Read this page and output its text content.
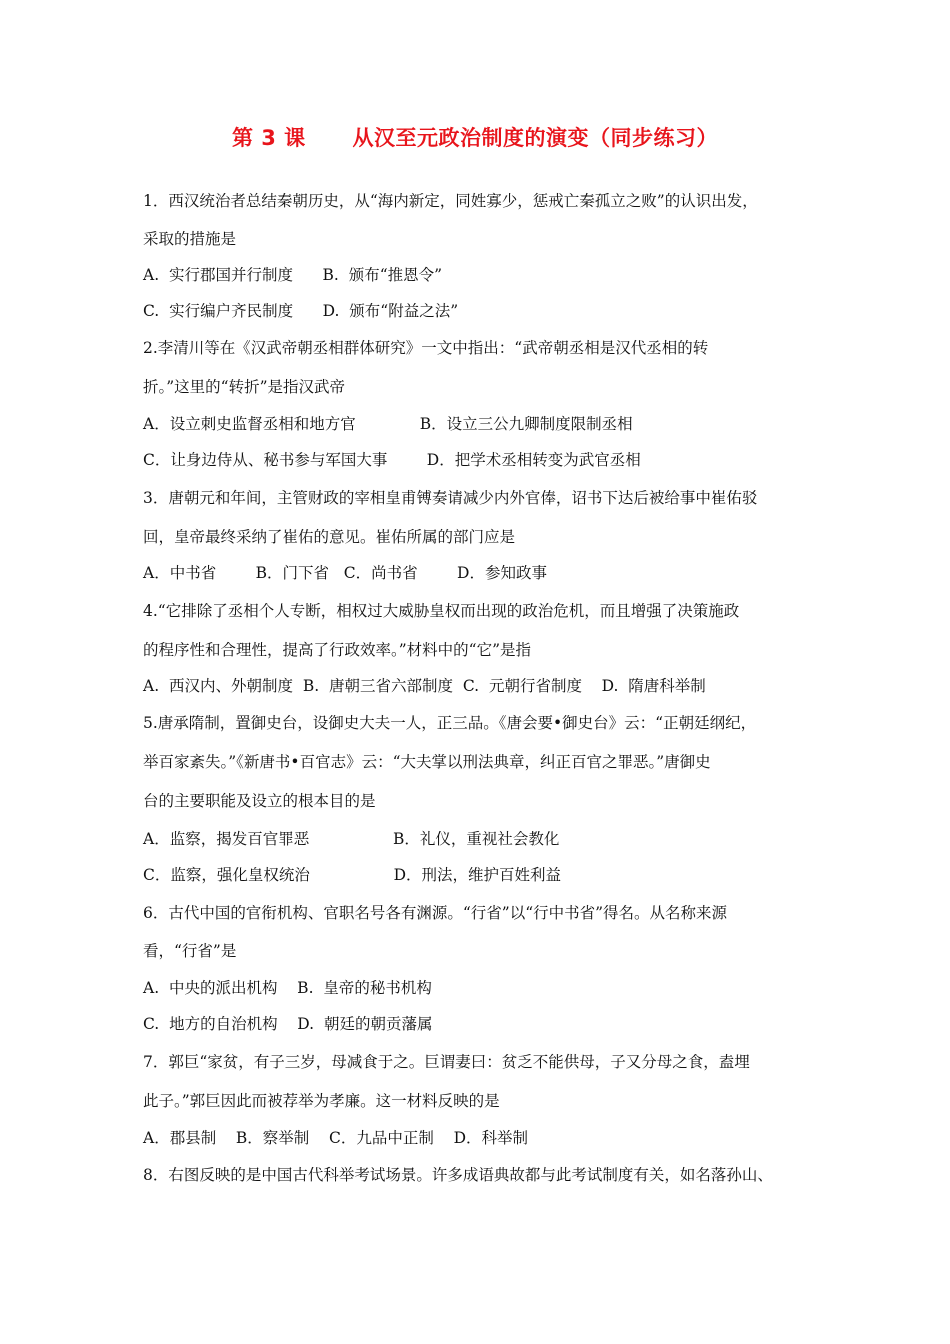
第 3 课      从汉至元政治制度的演变（同步练习）
1．西汉统治者总结秦朝历史，从“海内新定，同姓寡少，惩戒亡秦孤立之败”的认识出发，
采取的措施是
A.  实行郡国并行制度      B.  颁布“推恩令”
C.  实行编户齐民制度      D.  颁布“附益之法”
2.李清川等在《汉武帝朝丞相群体研究》一文中指出：“武帝朝丞相是汉代丞相的转
折。”这里的“转折”是指汉武帝
A．设立刺史监督丞相和地方官             B．设立三公九卿制度限制丞相
C．让身边侍从、秘书参与军国大事        D．把学术丞相转变为武官丞相
3．唐朝元和年间，主管财政的宰相皇甫镈奏请减少内外官俸，诏书下达后被给事中崔佑驳
回，皇帝最终采纳了崔佑的意见。崔佑所属的部门应是
A．中书省        B．门下省   C．尚书省        D．参知政事
4.“它排除了丞相个人专断，相权过大威胁皇权而出现的政治危机，而且增强了决策施政
的程序性和合理性，提高了行政效率。”材料中的“它”是指
A.  西汉内、外朝制度  B.  唐朝三省六部制度  C.  元朝行省制度    D.  隋唐科举制
5.唐承隋制，置御史台，设御史大夫一人，正三品。《唐会要•御史台》云：“正朝廷纲纪，
举百家紊失。”《新唐书•百官志》云：“大夫掌以刑法典章，纠正百官之罪恶。”唐御史
台的主要职能及设立的根本目的是
A．监察，揭发百官罪恶                 B．礼仪，重视社会教化
C．监察，强化皇权统治                 D．刑法，维护百姓利益
6．古代中国的官衔机构、官职名号各有渊源。“行省”以“行中书省”得名。从名称来源
看，“行省”是
A.  中央的派出机构    B.  皇帝的秘书机构
C.  地方的自治机构    D.  朝廷的朝贡藩属
7．郭巨“家贫，有子三岁，母减食于之。巨谓妻曰：贫乏不能供母，子又分母之食，盍埋
此子。”郭巨因此而被荐举为孝廉。这一材料反映的是
A．郡县制    B．察举制    C．九品中正制    D．科举制
8．右图反映的是中国古代科举考试场景。许多成语典故都与此考试制度有关，如名落孙山、
